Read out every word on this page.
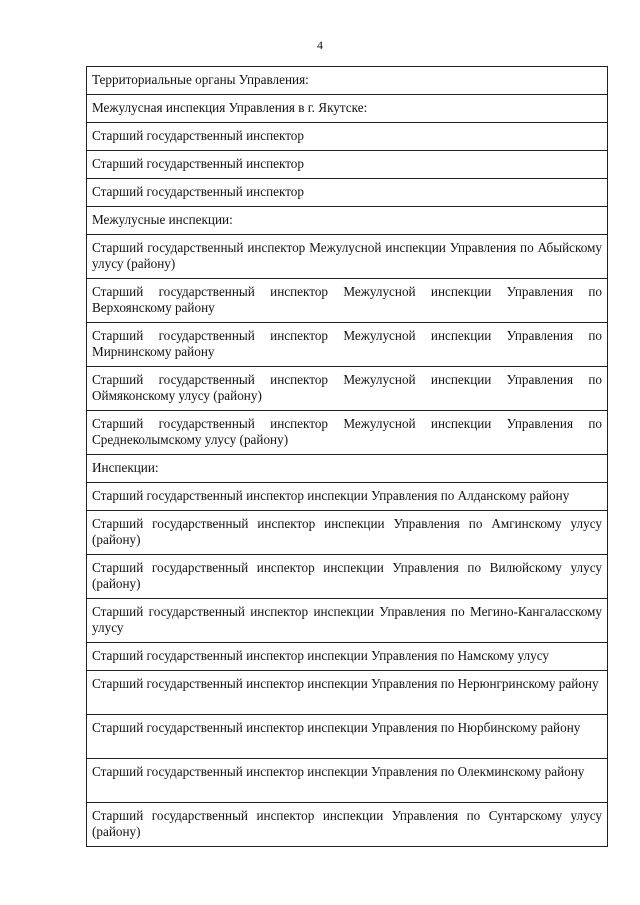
4
Территориальные органы Управления:
Межулусная инспекция Управления в г. Якутске:
Старший государственный инспектор
Старший государственный инспектор
Старший государственный инспектор
Межулусные инспекции:
Старший государственный инспектор Межулусной инспекции Управления по Абыйскому улусу (району)
Старший государственный инспектор Межулусной инспекции Управления по Верхоянскому району
Старший государственный инспектор Межулусной инспекции Управления по Мирнинскому району
Старший государственный инспектор Межулусной инспекции Управления по Оймяконскому улусу (району)
Старший государственный инспектор Межулусной инспекции Управления по Среднеколымскому улусу (району)
Инспекции:
Старший государственный инспектор инспекции Управления по Алданскому району
Старший государственный инспектор инспекции Управления по Амгинскому улусу (району)
Старший государственный инспектор инспекции Управления по Вилюйскому улусу (району)
Старший государственный инспектор инспекции Управления по Мегино-Кангаласскому улусу
Старший государственный инспектор инспекции Управления по Намскому улусу
Старший государственный инспектор инспекции Управления по Нерюнгринскому району
Старший государственный инспектор инспекции Управления по Нюрбинскому району
Старший государственный инспектор инспекции Управления по Олекминскому району
Старший государственный инспектор инспекции Управления по Сунтарскому улусу (району)
